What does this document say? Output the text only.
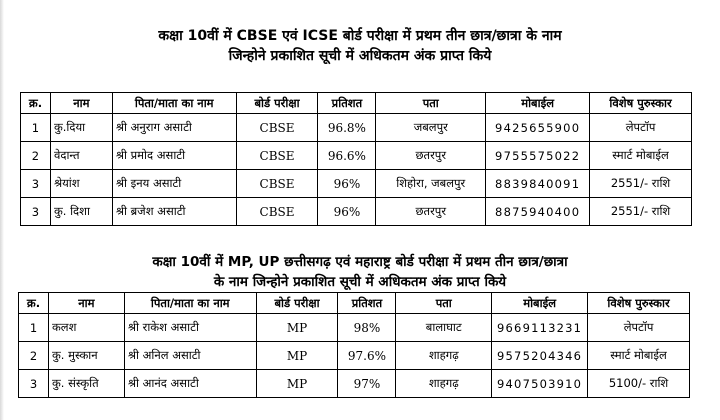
कक्षा 10वीं में CBSE एवं ICSE बोर्ड परीक्षा में प्रथम तीन छात्र/छात्रा के नाम
जिन्होने प्रकाशित सूची में अधिकतम अंक प्राप्त किये
क्र.	नाम	पिता/माता का नाम	बोर्ड परीक्षा	प्रतिशत	पता	मोबाईल	विशेष पुरुस्कार
1	कु.दिया	श्री अनुराग असाटी	CBSE	96.8%	जबलपुर	9425655900	लेपटॉप
2	वेदान्त	श्री प्रमोद असाटी	CBSE	96.6%	छतरपुर	9755575022	स्मार्ट मोबाईल
3	श्रेयांश	श्री इनय असाटी	CBSE	96%	शिहोरा, जबलपुर	8839840091	2551/- राशि
3	कु. दिशा	श्री ब्रजेश असाटी	CBSE	96%	छतरपुर	8875940400	2551/- राशि
कक्षा 10वीं में MP, UP छत्तीसगढ़ एवं महाराष्ट्र बोर्ड परीक्षा में प्रथम तीन छात्र/छात्रा
के नाम जिन्होने प्रकाशित सूची में अधिकतम अंक प्राप्त किये
क्र.	नाम	पिता/माता का नाम	बोर्ड परीक्षा	प्रतिशत	पता	मोबाईल	विशेष पुरुस्कार
1	कलश	श्री राकेश असाटी	MP	98%	बालाघाट	9669113231	लेपटॉप
2	कु. मुस्कान	श्री अनिल असाटी	MP	97.6%	शाहगढ़	9575204346	स्मार्ट मोबाईल
3	कु. संस्कृति	श्री आनंद असाटी	MP	97%	शाहगढ़	9407503910	5100/- राशि
